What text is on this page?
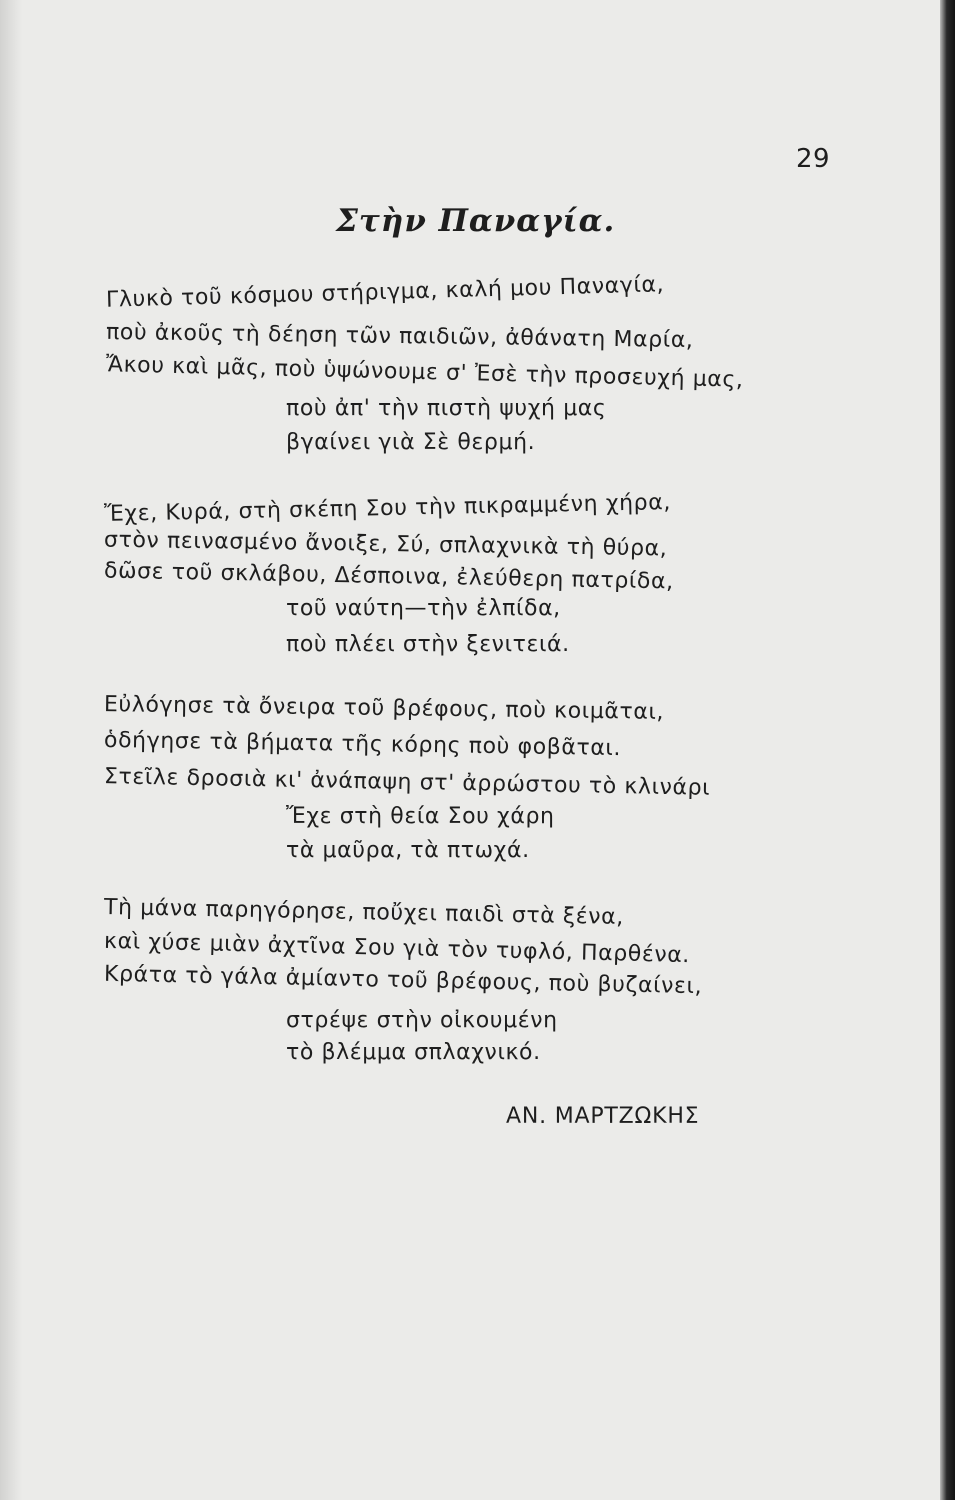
29
Στὴν Παναγία.
Γλυκὸ τοῦ κόσμου στήριγμα, καλή μου Παναγία,
ποὺ ἀκοῦς τὴ δέηση τῶν παιδιῶν, ἀθάνατη Μαρία,
Ἄκου καὶ μᾶς, ποὺ ὑψώνουμε σ' Ἐσὲ τὴν προσευχή μας,
ποὺ ἀπ' τὴν πιστὴ ψυχή μας
βγαίνει γιὰ Σὲ θερμή.
Ἔχε, Κυρά, στὴ σκέπη Σου τὴν πικραμμένη χήρα,
στὸν πεινασμένο ἄνοιξε, Σύ, σπλαχνικὰ τὴ θύρα,
δῶσε τοῦ σκλάβου, Δέσποινα, ἐλεύθερη πατρίδα,
τοῦ ναύτη—τὴν ἐλπίδα,
ποὺ πλέει στὴν ξενιτειά.
Εὐλόγησε τὰ ὄνειρα τοῦ βρέφους, ποὺ κοιμᾶται,
ὁδήγησε τὰ βήματα τῆς κόρης ποὺ φοβᾶται.
Στεῖλε δροσιὰ κι' ἀνάπαψη στ' ἀρρώστου τὸ κλινάρι
Ἔχε στὴ θεία Σου χάρη
τὰ μαῦρα, τὰ πτωχά.
Τὴ μάνα παρηγόρησε, ποὔχει παιδὶ στὰ ξένα,
καὶ χύσε μιὰν ἀχτῖνα Σου γιὰ τὸν τυφλό, Παρθένα.
Κράτα τὸ γάλα ἀμίαντο τοῦ βρέφους, ποὺ βυζαίνει,
στρέψε στὴν οἰκουμένη
τὸ βλέμμα σπλαχνικό.
ΑΝ. ΜΑΡΤΖΩΚΗΣ
